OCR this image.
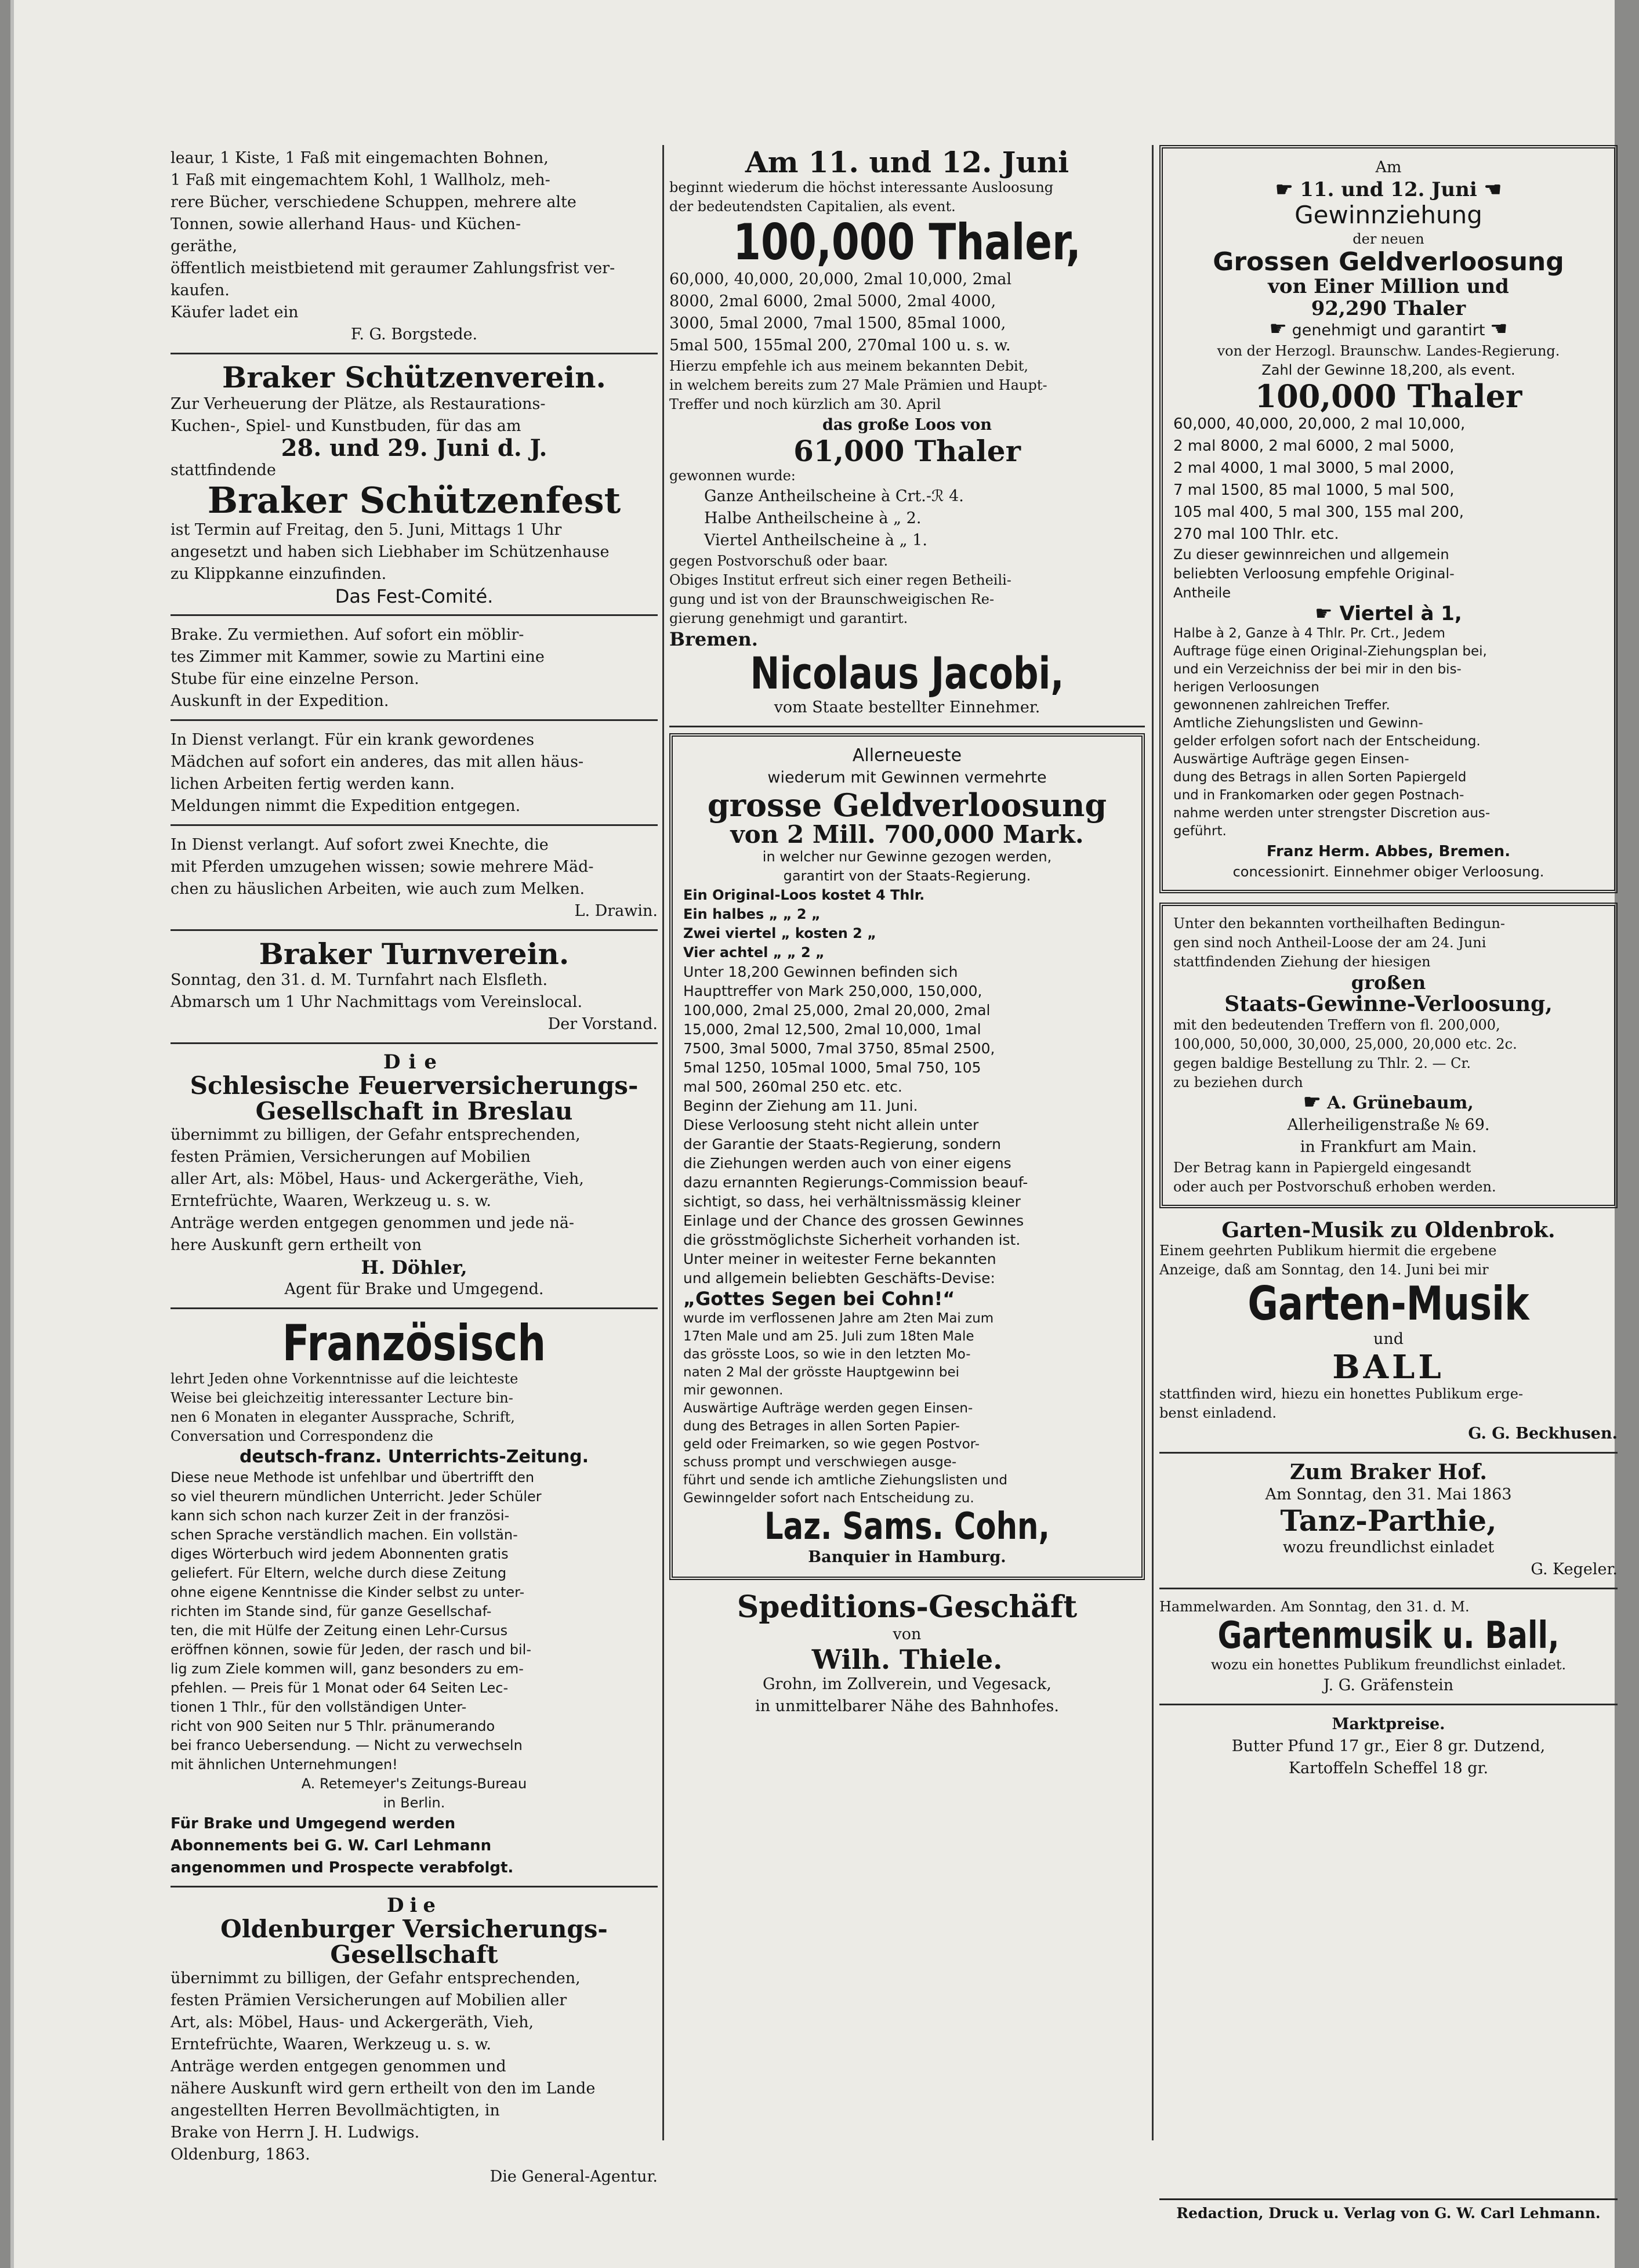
leaur, 1 Kiste, 1 Faß mit eingemachten Bohnen,

1 Faß mit eingemachtem Kohl, 1 Wallholz, meh-

rere Bücher, verschiedene Schuppen, mehrere alte

Tonnen, sowie allerhand Haus- und Küchen-

geräthe,

öffentlich meistbietend mit geraumer Zahlungsfrist ver-

kaufen.

Käufer ladet ein

F. G. Borgstede.

Braker Schützenverein.

Zur Verheuerung der Plätze, als Restaurations-

Kuchen-, Spiel- und Kunstbuden, für das am

28. und 29. Juni d. J.

stattfindende

Braker Schützenfest

ist Termin auf Freitag, den 5. Juni, Mittags 1 Uhr

angesetzt und haben sich Liebhaber im Schützenhause

zu Klippkanne einzufinden.

Das Fest-Comité.

Brake. Zu vermiethen. Auf sofort ein möblir-

tes Zimmer mit Kammer, sowie zu Martini eine

Stube für eine einzelne Person.

Auskunft in der Expedition.

In Dienst verlangt. Für ein krank gewordenes

Mädchen auf sofort ein anderes, das mit allen häus-

lichen Arbeiten fertig werden kann.

Meldungen nimmt die Expedition entgegen.

In Dienst verlangt. Auf sofort zwei Knechte, die

mit Pferden umzugehen wissen; sowie mehrere Mäd-

chen zu häuslichen Arbeiten, wie auch zum Melken.

L. Drawin.

Braker Turnverein.

Sonntag, den 31. d. M. Turnfahrt nach Elsfleth.

Abmarsch um 1 Uhr Nachmittags vom Vereinslocal.

Der Vorstand.

Die
Schlesische Feuerversicherungs-
Gesellschaft in Breslau

übernimmt zu billigen, der Gefahr entsprechenden,

festen Prämien, Versicherungen auf Mobilien

aller Art, als: Möbel, Haus- und Ackergeräthe, Vieh,

Erntefrüchte, Waaren, Werkzeug u. s. w.

Anträge werden entgegen genommen und jede nä-

here Auskunft gern ertheilt von

H. Döhler,

Agent für Brake und Umgegend.

Französisch

lehrt Jeden ohne Vorkenntnisse auf die leichteste

Weise bei gleichzeitig interessanter Lecture bin-

nen 6 Monaten in eleganter Aussprache, Schrift,

Conversation und Correspondenz die

deutsch-franz. Unterrichts-Zeitung.

Diese neue Methode ist unfehlbar und übertrifft den

so viel theurern mündlichen Unterricht. Jeder Schüler

kann sich schon nach kurzer Zeit in der französi-

schen Sprache verständlich machen. Ein vollstän-

diges Wörterbuch wird jedem Abonnenten gratis

geliefert. Für Eltern, welche durch diese Zeitung

ohne eigene Kenntnisse die Kinder selbst zu unter-

richten im Stande sind, für ganze Gesellschaf-

ten, die mit Hülfe der Zeitung einen Lehr-Cursus

eröffnen können, sowie für Jeden, der rasch und bil-

lig zum Ziele kommen will, ganz besonders zu em-

pfehlen. — Preis für 1 Monat oder 64 Seiten Lec-

tionen 1 Thlr., für den vollständigen Unter-

richt von 900 Seiten nur 5 Thlr. pränumerando

bei franco Uebersendung. — Nicht zu verwechseln

mit ähnlichen Unternehmungen!

A. Retemeyer's Zeitungs-Bureau

in Berlin.

Für Brake und Umgegend werden

Abonnements bei G. W. Carl Lehmann

angenommen und Prospecte verabfolgt.

Die
Oldenburger Versicherungs-
Gesellschaft

übernimmt zu billigen, der Gefahr entsprechenden,

festen Prämien Versicherungen auf Mobilien aller

Art, als: Möbel, Haus- und Ackergeräth, Vieh,

Erntefrüchte, Waaren, Werkzeug u. s. w.

Anträge werden entgegen genommen und

nähere Auskunft wird gern ertheilt von den im Lande

angestellten Herren Bevollmächtigten, in

Brake von Herrn J. H. Ludwigs.

Oldenburg, 1863.

Die General-Agentur.

Am 11. und 12. Juni

beginnt wiederum die höchst interessante Ausloosung

der bedeutendsten Capitalien, als event.

100,000 Thaler,

60,000, 40,000, 20,000, 2mal 10,000, 2mal

8000, 2mal 6000, 2mal 5000, 2mal 4000,

3000, 5mal 2000, 7mal 1500, 85mal 1000,

5mal 500, 155mal 200, 270mal 100 u. s. w.

Hierzu empfehle ich aus meinem bekannten Debit,

in welchem bereits zum 27 Male Prämien und Haupt-

Treffer und noch kürzlich am 30. April

das große Loos von

61,000 Thaler

gewonnen wurde:

Ganze Antheilscheine à Crt.-ℛ 4.

Halbe Antheilscheine à „ 2.

Viertel Antheilscheine à „ 1.

gegen Postvorschuß oder baar.

Obiges Institut erfreut sich einer regen Betheili-

gung und ist von der Braunschweigischen Re-

gierung genehmigt und garantirt.

Bremen.

Nicolaus Jacobi,

vom Staate bestellter Einnehmer.

Allerneueste

wiederum mit Gewinnen vermehrte

grosse Geldverloosung
von 2 Mill. 700,000 Mark.

in welcher nur Gewinne gezogen werden,

garantirt von der Staats-Regierung.

Ein Original-Loos kostet 4 Thlr.

Ein halbes „ „ 2 „

Zwei viertel „ kosten 2 „

Vier achtel „ „ 2 „

Unter 18,200 Gewinnen befinden sich

Haupttreffer von Mark 250,000, 150,000,

100,000, 2mal 25,000, 2mal 20,000, 2mal

15,000, 2mal 12,500, 2mal 10,000, 1mal

7500, 3mal 5000, 7mal 3750, 85mal 2500,

5mal 1250, 105mal 1000, 5mal 750, 105

mal 500, 260mal 250 etc. etc.

Beginn der Ziehung am 11. Juni.

Diese Verloosung steht nicht allein unter

der Garantie der Staats-Regierung, sondern

die Ziehungen werden auch von einer eigens

dazu ernannten Regierungs-Commission beauf-

sichtigt, so dass, hei verhältnissmässig kleiner

Einlage und der Chance des grossen Gewinnes

die grösstmöglichste Sicherheit vorhanden ist.

Unter meiner in weitester Ferne bekannten

und allgemein beliebten Geschäfts-Devise:

„Gottes Segen bei Cohn!“

wurde im verflossenen Jahre am 2ten Mai zum

17ten Male und am 25. Juli zum 18ten Male

das grösste Loos, so wie in den letzten Mo-

naten 2 Mal der grösste Hauptgewinn bei

mir gewonnen.

Auswärtige Aufträge werden gegen Einsen-

dung des Betrages in allen Sorten Papier-

geld oder Freimarken, so wie gegen Postvor-

schuss prompt und verschwiegen ausge-

führt und sende ich amtliche Ziehungslisten und

Gewinngelder sofort nach Entscheidung zu.

Laz. Sams. Cohn,

Banquier in Hamburg.

Speditions-Geschäft

von

Wilh. Thiele.

Grohn, im Zollverein, und Vegesack,

in unmittelbarer Nähe des Bahnhofes.

Am

☛ 11. und 12. Juni ☚

Gewinnziehung

der neuen

Grossen Geldverloosung
von Einer Million und
92,290 Thaler

☛ genehmigt und garantirt ☚

von der Herzogl. Braunschw. Landes-Regierung.

Zahl der Gewinne 18,200, als event.

100,000 Thaler

60,000, 40,000, 20,000, 2 mal 10,000,

2 mal 8000, 2 mal 6000, 2 mal 5000,

2 mal 4000, 1 mal 3000, 5 mal 2000,

7 mal 1500, 85 mal 1000, 5 mal 500,

105 mal 400, 5 mal 300, 155 mal 200,

270 mal 100 Thlr. etc.

Zu dieser gewinnreichen und allgemein

beliebten Verloosung empfehle Original-

Antheile

☛ Viertel à 1,

Halbe à 2, Ganze à 4 Thlr. Pr. Crt., Jedem

Auftrage füge einen Original-Ziehungsplan bei,

und ein Verzeichniss der bei mir in den bis-

herigen Verloosungen

gewonnenen zahlreichen Treffer.

Amtliche Ziehungslisten und Gewinn-

gelder erfolgen sofort nach der Entscheidung.

Auswärtige Aufträge gegen Einsen-

dung des Betrags in allen Sorten Papiergeld

und in Frankomarken oder gegen Postnach-

nahme werden unter strengster Discretion aus-

geführt.

Franz Herm. Abbes, Bremen.

concessionirt. Einnehmer obiger Verloosung.

Unter den bekannten vortheilhaften Bedingun-

gen sind noch Antheil-Loose der am 24. Juni

stattfindenden Ziehung der hiesigen

großen

Staats-Gewinne-Verloosung,

mit den bedeutenden Treffern von fl. 200,000,

100,000, 50,000, 30,000, 25,000, 20,000 etc. 2c.

gegen baldige Bestellung zu Thlr. 2. — Cr.

zu beziehen durch

☛ A. Grünebaum,

Allerheiligenstraße № 69.

in Frankfurt am Main.

Der Betrag kann in Papiergeld eingesandt

oder auch per Postvorschuß erhoben werden.

Garten-Musik zu Oldenbrok.

Einem geehrten Publikum hiermit die ergebene

Anzeige, daß am Sonntag, den 14. Juni bei mir

Garten-Musik

und

BALL

stattfinden wird, hiezu ein honettes Publikum erge-

benst einladend.

G. G. Beckhusen.

Zum Braker Hof.

Am Sonntag, den 31. Mai 1863

Tanz-Parthie,

wozu freundlichst einladet

G. Kegeler.

Hammelwarden. Am Sonntag, den 31. d. M.

Gartenmusik u. Ball,

wozu ein honettes Publikum freundlichst einladet.

J. G. Gräfenstein

Marktpreise.

Butter Pfund 17 gr., Eier 8 gr. Dutzend,

Kartoffeln Scheffel 18 gr.

Redaction, Druck u. Verlag von G. W. Carl Lehmann.
